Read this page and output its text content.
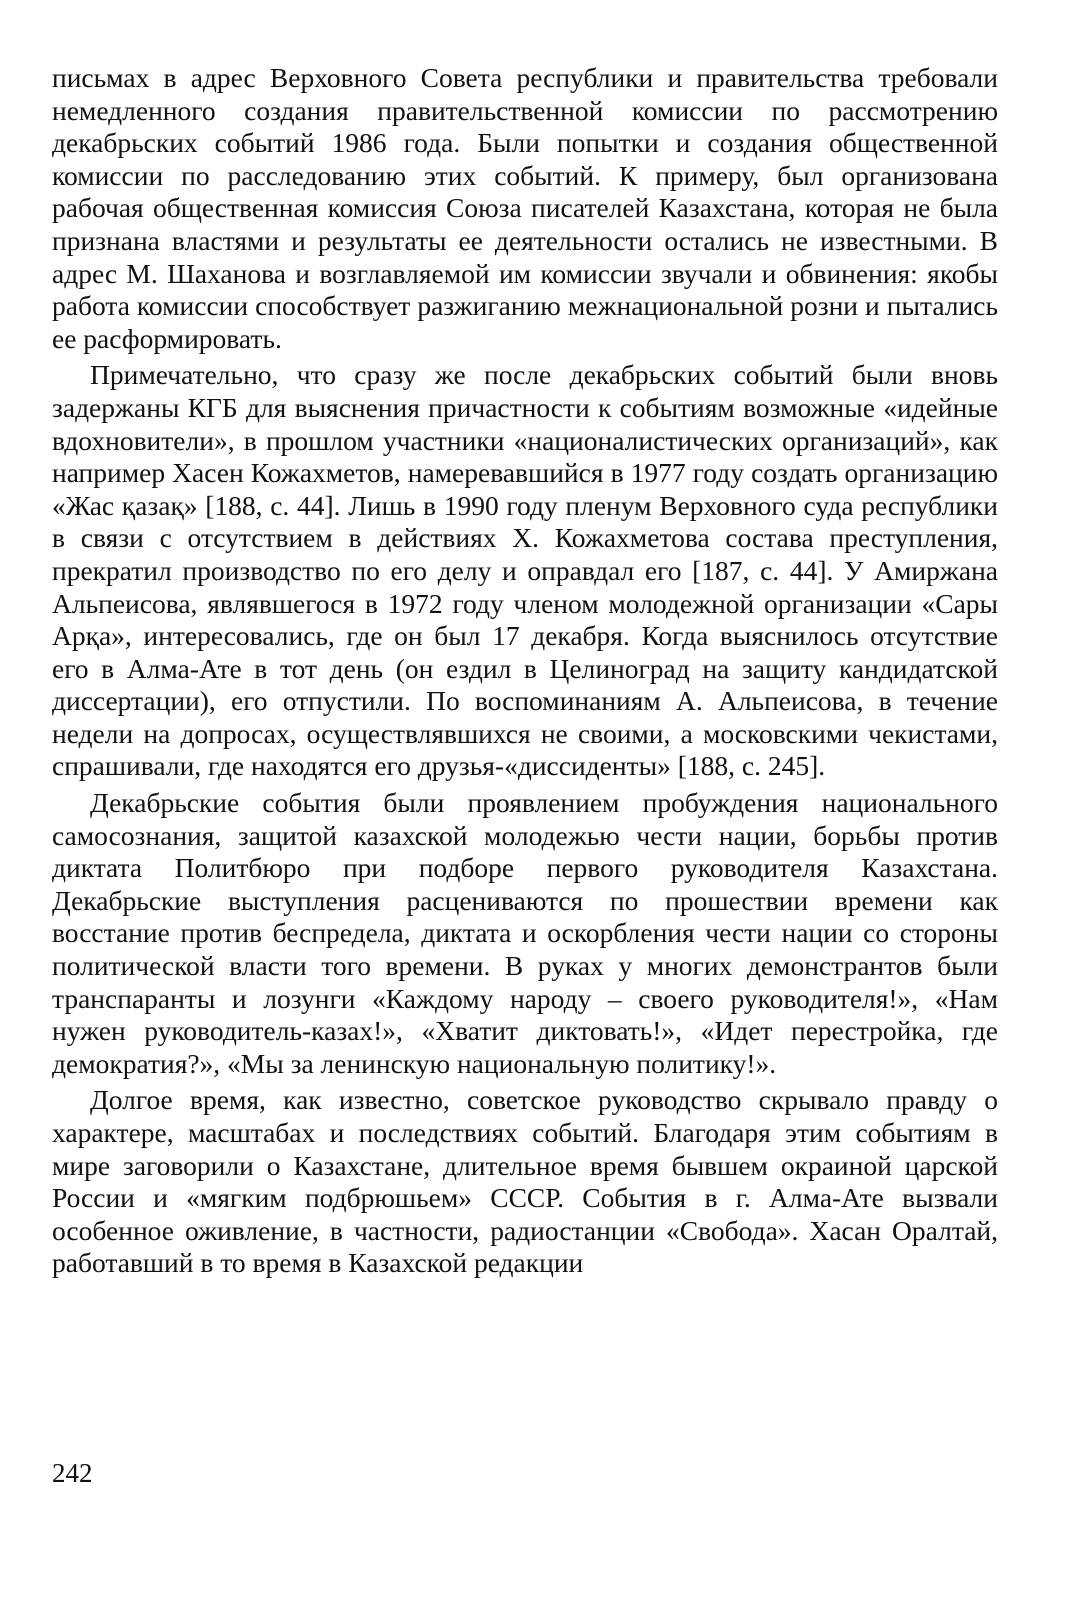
письмах в адрес Верховного Совета республики и правительства требовали немедленного создания правительственной комиссии по рассмотрению декабрьских событий 1986 года. Были попытки и создания общественной комиссии по расследованию этих событий. К примеру, был организована рабочая общественная комиссия Союза писателей Казахстана, которая не была признана властями и результаты ее деятельности остались не известными. В адрес М. Шаханова и возглавляемой им комиссии звучали и обвинения: якобы работа комиссии способствует разжиганию межнациональной розни и пытались ее расформировать.

Примечательно, что сразу же после декабрьских событий были вновь задержаны КГБ для выяснения причастности к событиям возможные «идейные вдохновители», в прошлом участники «националистических организаций», как например Хасен Кожахметов, намеревавшийся в 1977 году создать организацию «Жас қазақ» [188, с. 44]. Лишь в 1990 году пленум Верховного суда республики в связи с отсутствием в действиях Х. Кожахметова состава преступления, прекратил производство по его делу и оправдал его [187, с. 44]. У Амиржана Альпеисова, являвшегося в 1972 году членом молодежной организации «Сары Арқа», интересовались, где он был 17 декабря. Когда выяснилось отсутствие его в Алма-Ате в тот день (он ездил в Целиноград на защиту кандидатской диссертации), его отпустили. По воспоминаниям А. Альпеисова, в течение недели на допросах, осуществлявшихся не своими, а московскими чекистами, спрашивали, где находятся его друзья-«диссиденты» [188, с. 245].

Декабрьские события были проявлением пробуждения национального самосознания, защитой казахской молодежью чести нации, борьбы против диктата Политбюро при подборе первого руководителя Казахстана. Декабрьские выступления расцениваются по прошествии времени как восстание против беспредела, диктата и оскорбления чести нации со стороны политической власти того времени. В руках у многих демонстрантов были транспаранты и лозунги «Каждому народу – своего руководителя!», «Нам нужен руководитель-казах!», «Хватит диктовать!», «Идет перестройка, где демократия?», «Мы за ленинскую национальную политику!».

Долгое время, как известно, советское руководство скрывало правду о характере, масштабах и последствиях событий. Благодаря этим событиям в мире заговорили о Казахстане, длительное время бывшем окраиной царской России и «мягким подбрюшьем» СССР. События в г. Алма-Ате вызвали особенное оживление, в частности, радиостанции «Свобода». Хасан Оралтай, работавший в то время в Казахской редакции

242
